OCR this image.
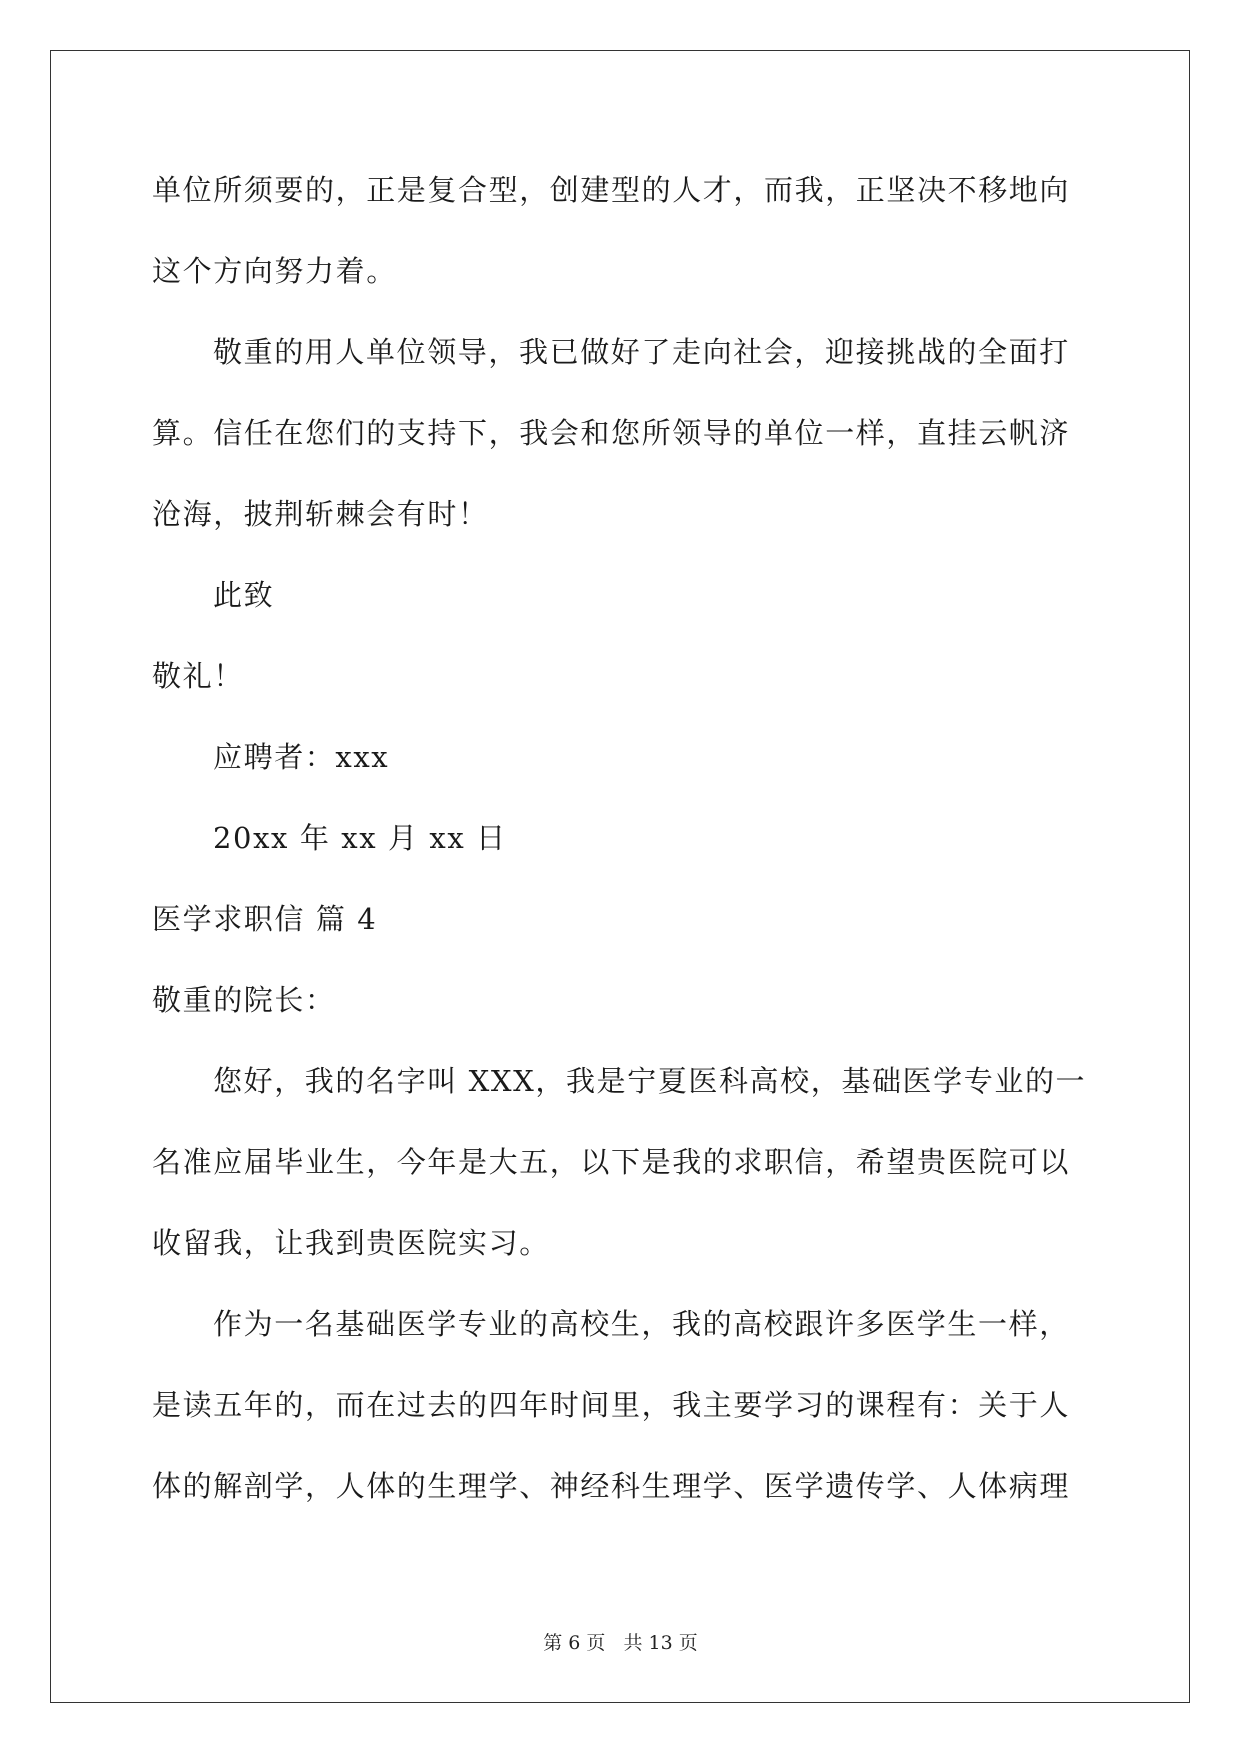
单位所须要的，正是复合型，创建型的人才，而我，正坚决不移地向
这个方向努力着。
敬重的用人单位领导，我已做好了走向社会，迎接挑战的全面打
算。信任在您们的支持下，我会和您所领导的单位一样，直挂云帆济
沧海，披荆斩棘会有时！
此致
敬礼！
应聘者：xxx
20xx 年 xx 月 xx 日
医学求职信 篇 4
敬重的院长：
您好，我的名字叫 XXX，我是宁夏医科高校，基础医学专业的一
名准应届毕业生，今年是大五，以下是我的求职信，希望贵医院可以
收留我，让我到贵医院实习。
作为一名基础医学专业的高校生，我的高校跟许多医学生一样，
是读五年的，而在过去的四年时间里，我主要学习的课程有：关于人
体的解剖学，人体的生理学、神经科生理学、医学遗传学、人体病理
第 6 页 共 13 页
